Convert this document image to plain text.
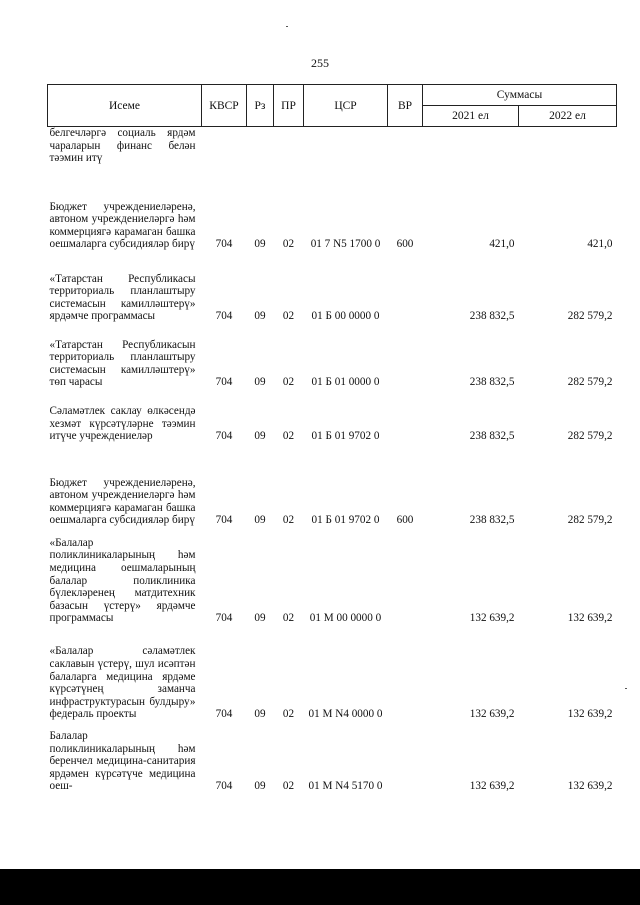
255
Исеме	КВСР	Рз	ПР	ЦСР	ВР	Суммасы	
						2021 ел	2022 ел
белгечләргә социаль ярдәм чараларын финанс белән тәэмин итү							
Бюджет учреждениеләренә, автоном учреждениеләргә һәм коммерциягә карамаган башка оешмаларга субсидияләр бирү	704	09	02	01 7 N5 1700 0	600	421,0	421,0
«Татарстан Республикасы территориаль планлаштыру системасын камилләштерү» ярдәмче программасы	704	09	02	01 Б 00 0000 0		238 832,5	282 579,2
«Татарстан Республикасын территориаль планлаштыру системасын камилләштерү» төп чарасы	704	09	02	01 Б 01 0000 0		238 832,5	282 579,2
Сәламәтлек саклау өлкәсендә хезмәт күрсәтүләрне тәэмин итүче учреждениеләр	704	09	02	01 Б 01 9702 0		238 832,5	282 579,2
Бюджет учреждениеләренә, автоном учреждениеләргә һәм коммерциягә карамаган башка оешмаларга субсидияләр бирү	704	09	02	01 Б 01 9702 0	600	238 832,5	282 579,2
«Балалар поликлиникаларының һәм медицина оешмаларының балалар поликлиника бүлекләренең матдитехник базасын үстерү» ярдәмче программасы	704	09	02	01 М 00 0000 0		132 639,2	132 639,2
«Балалар сәламәтлек саклавын үстерү, шул исәптән балаларга медицина ярдәме күрсәтүнең заманча инфраструктурасын булдыру» федераль проекты	704	09	02	01 М N4 0000 0		132 639,2	132 639,2
Балалар поликлиникаларының һәм беренчел медицина-санитария ярдәмен күрсәтүче медицина оеш-	704	09	02	01 М N4 5170 0		132 639,2	132 639,2
